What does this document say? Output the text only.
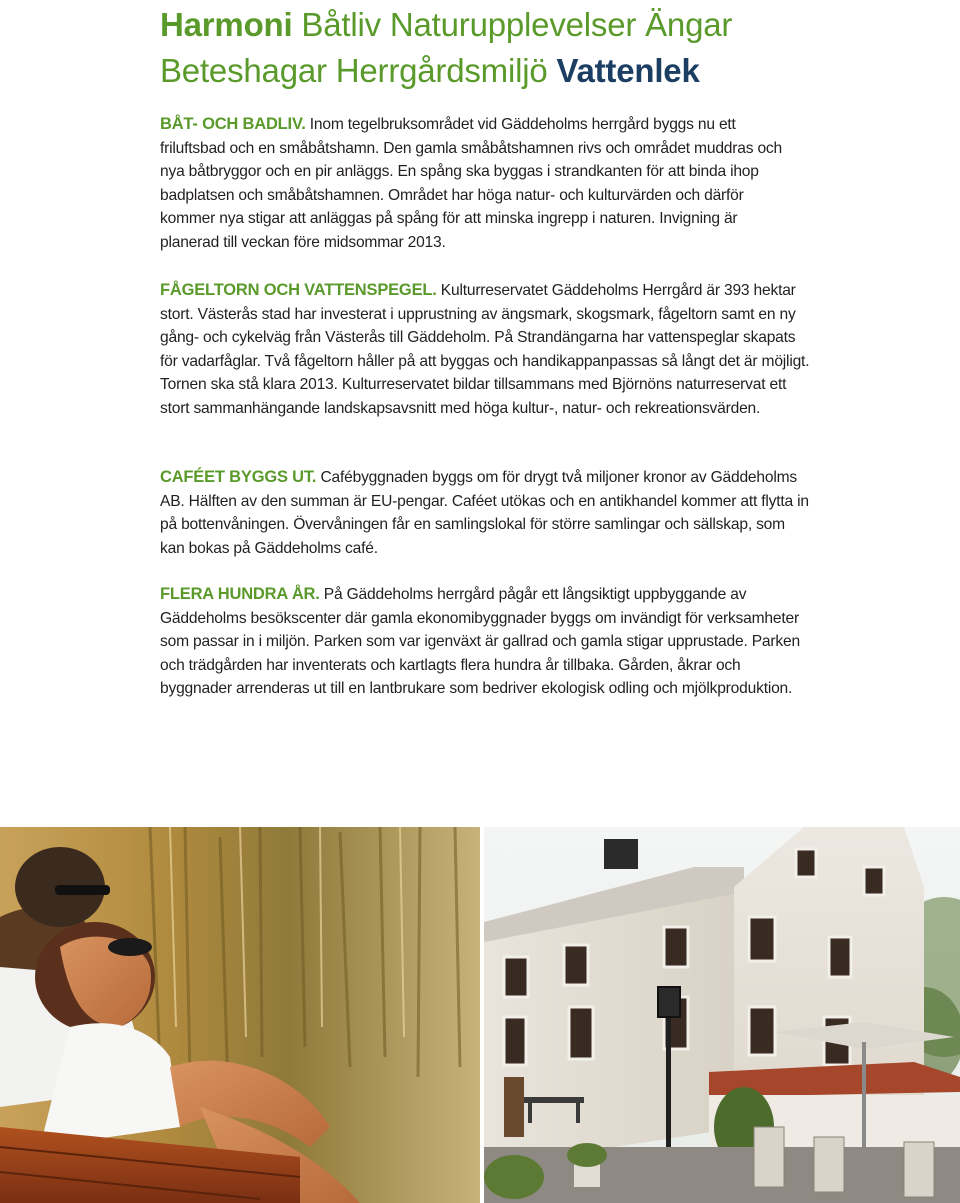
Harmoni Båtliv Naturupplevelser Ängar
Beteshagar Herrgårdsmiljö Vattenlek

BÅT- OCH BADLIV. Inom tegelbruksområdet vid Gäddeholms herrgård byggs nu ett friluftsbad och en småbåtshamn. Den gamla småbåtshamnen rivs och området muddras och nya båtbryggor och en pir anläggs. En spång ska byggas i strandkanten för att binda ihop badplatsen och småbåtshamnen. Området har höga natur- och kulturvärden och därför kommer nya stigar att anläggas på spång för att minska ingrepp i naturen. Invigning är planerad till veckan före midsommar 2013.

FÅGELTORN OCH VATTENSPEGEL. Kulturreservatet Gäddeholms Herrgård är 393 hektar stort. Västerås stad har investerat i upprustning av ängsmark, skogsmark, fågeltorn samt en ny gång- och cykelväg från Västerås till Gäddeholm. På Strandängarna har vattenspeglar skapats för vadarfåglar. Två fågeltorn håller på att byggas och handikappanpassas så långt det är möjligt. Tornen ska stå klara 2013. Kulturreservatet bildar tillsammans med Björnöns naturreservat ett stort sammanhängande landskapsavsnitt med höga kultur-, natur- och rekreationsvärden.

CAFÉET BYGGS UT. Cafébyggnaden byggs om för drygt två miljoner kronor av Gäddeholms AB. Hälften av den summan är EU-pengar. Caféet utökas och en antikhandel kommer att flytta in på bottenvåningen. Övervåningen får en samlingslokal för större samlingar och sällskap, som kan bokas på Gäddeholms café.

FLERA HUNDRA ÅR. På Gäddeholms herrgård pågår ett långsiktigt uppbyggande av Gäddeholms besökscenter där gamla ekonomibyggnader byggs om invändigt för verksamheter som passar in i miljön. Parken som var igenväxt är gallrad och gamla stigar upprustade. Parken och trädgården har inventerats och kartlagts flera hundra år tillbaka. Gården, åkrar och byggnader arrenderas ut till en lantbrukare som bedriver ekologisk odling och mjölkproduktion.
